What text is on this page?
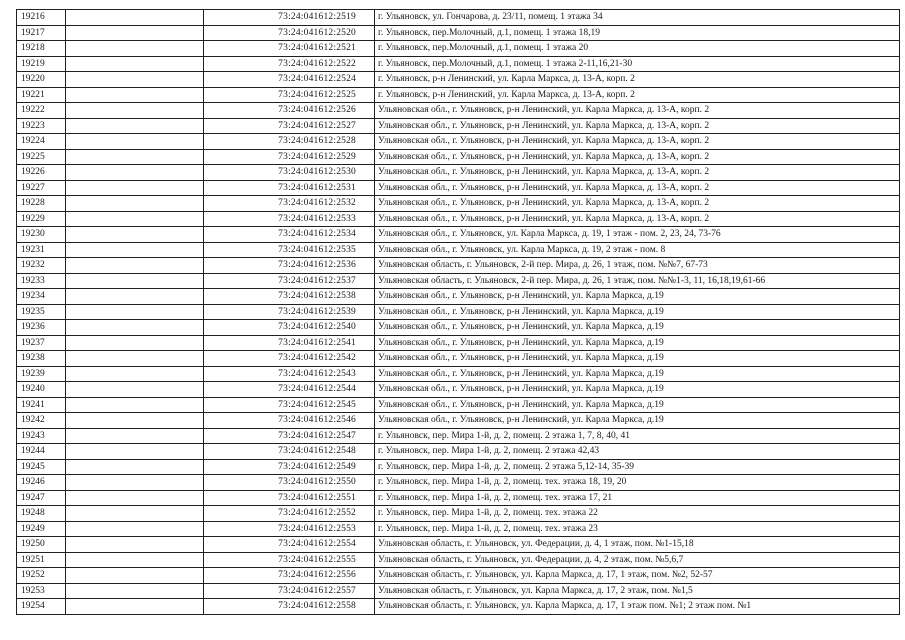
19216		73:24:041612:2519	г. Ульяновск, ул. Гончарова, д. 23/11, помещ. 1 этажа 34
19217		73:24:041612:2520	г. Ульяновск, пер.Молочный, д.1, помещ. 1 этажа 18,19
19218		73:24:041612:2521	г. Ульяновск, пер.Молочный, д.1, помещ. 1 этажа 20
19219		73:24:041612:2522	г. Ульяновск, пер.Молочный, д.1, помещ. 1 этажа 2-11,16,21-30
19220		73:24:041612:2524	г. Ульяновск, р-н Ленинский, ул. Карла Маркса, д. 13-А, корп. 2
19221		73:24:041612:2525	г. Ульяновск, р-н Ленинский, ул. Карла Маркса, д. 13-А, корп. 2
19222		73:24:041612:2526	Ульяновская обл., г. Ульяновск, р-н Ленинский, ул. Карла Маркса, д. 13-А, корп. 2
19223		73:24:041612:2527	Ульяновская обл., г. Ульяновск, р-н Ленинский, ул. Карла Маркса, д. 13-А, корп. 2
19224		73:24:041612:2528	Ульяновская обл., г. Ульяновск, р-н Ленинский, ул. Карла Маркса, д. 13-А, корп. 2
19225		73:24:041612:2529	Ульяновская обл., г. Ульяновск, р-н Ленинский, ул. Карла Маркса, д. 13-А, корп. 2
19226		73:24:041612:2530	Ульяновская обл., г. Ульяновск, р-н Ленинский, ул. Карла Маркса, д. 13-А, корп. 2
19227		73:24:041612:2531	Ульяновская обл., г. Ульяновск, р-н Ленинский, ул. Карла Маркса, д. 13-А, корп. 2
19228		73:24:041612:2532	Ульяновская обл., г. Ульяновск, р-н Ленинский, ул. Карла Маркса, д. 13-А, корп. 2
19229		73:24:041612:2533	Ульяновская обл., г. Ульяновск, р-н Ленинский, ул. Карла Маркса, д. 13-А, корп. 2
19230		73:24:041612:2534	Ульяновская обл., г. Ульяновск, ул. Карла Маркса, д. 19, 1 этаж - пом. 2, 23, 24, 73-76
19231		73:24:041612:2535	Ульяновская обл., г. Ульяновск, ул. Карла Маркса, д. 19, 2 этаж - пом. 8
19232		73:24:041612:2536	Ульяновская область, г. Ульяновск, 2-й пер. Мира, д. 26, 1 этаж, пом. №№7, 67-73
19233		73:24:041612:2537	Ульяновская область, г. Ульяновск, 2-й пер. Мира, д. 26, 1 этаж, пом. №№1-3, 11, 16,18,19,61-66
19234		73:24:041612:2538	Ульяновская обл., г. Ульяновск, р-н Ленинский, ул. Карла Маркса, д.19
19235		73:24:041612:2539	Ульяновская обл., г. Ульяновск, р-н Ленинский, ул. Карла Маркса, д.19
19236		73:24:041612:2540	Ульяновская обл., г. Ульяновск, р-н Ленинский, ул. Карла Маркса, д.19
19237		73:24:041612:2541	Ульяновская обл., г. Ульяновск, р-н Ленинский, ул. Карла Маркса, д.19
19238		73:24:041612:2542	Ульяновская обл., г. Ульяновск, р-н Ленинский, ул. Карла Маркса, д.19
19239		73:24:041612:2543	Ульяновская обл., г. Ульяновск, р-н Ленинский, ул. Карла Маркса, д.19
19240		73:24:041612:2544	Ульяновская обл., г. Ульяновск, р-н Ленинский, ул. Карла Маркса, д.19
19241		73:24:041612:2545	Ульяновская обл., г. Ульяновск, р-н Ленинский, ул. Карла Маркса, д.19
19242		73:24:041612:2546	Ульяновская обл., г. Ульяновск, р-н Ленинский, ул. Карла Маркса, д.19
19243		73:24:041612:2547	г. Ульяновск, пер. Мира 1-й, д. 2, помещ. 2 этажа 1, 7, 8, 40, 41
19244		73:24:041612:2548	г. Ульяновск, пер. Мира 1-й, д. 2, помещ. 2 этажа 42,43
19245		73:24:041612:2549	г. Ульяновск, пер. Мира 1-й, д. 2, помещ. 2 этажа 5,12-14, 35-39
19246		73:24:041612:2550	г. Ульяновск, пер. Мира 1-й, д. 2, помещ. тех. этажа 18, 19, 20
19247		73:24:041612:2551	г. Ульяновск, пер. Мира 1-й, д. 2, помещ. тех. этажа 17, 21
19248		73:24:041612:2552	г. Ульяновск, пер. Мира 1-й, д. 2, помещ. тех. этажа 22
19249		73:24:041612:2553	г. Ульяновск, пер. Мира 1-й, д. 2, помещ. тех. этажа 23
19250		73:24:041612:2554	Ульяновская область, г. Ульяновск, ул. Федерации, д. 4, 1 этаж, пом. №1-15,18
19251		73:24:041612:2555	Ульяновская область, г. Ульяновск, ул. Федерации, д. 4, 2 этаж, пом. №5,6,7
19252		73:24:041612:2556	Ульяновская область, г. Ульяновск, ул. Карла Маркса, д. 17, 1 этаж, пом. №2, 52-57
19253		73:24:041612:2557	Ульяновская область, г. Ульяновск, ул. Карла Маркса, д. 17, 2 этаж, пом. №1,5
19254		73:24:041612:2558	Ульяновская область, г. Ульяновск, ул. Карла Маркса, д. 17, 1 этаж пом. №1; 2 этаж пом. №1
